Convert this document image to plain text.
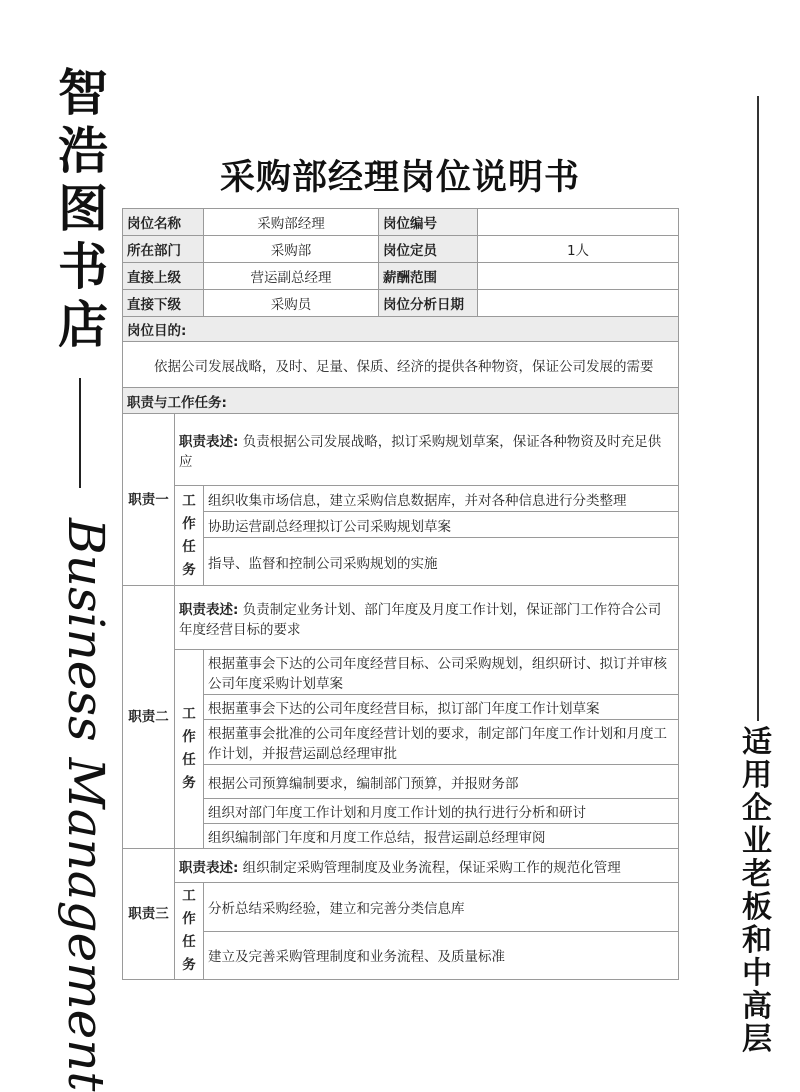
智
浩
图
书
店
Business Management	适
用
企
业
老
板
和
中
高
层
采购部经理岗位说明书
岗位名称		采购部经理	岗位编号	
所在部门		采购部	岗位定员	1人
直接上级		营运副总经理	薪酬范围	
直接下级		采购员	岗位分析日期	
岗位目的:				
依据公司发展战略，及时、足量、保质、经济的提供各种物资，保证公司发展的需要				
职责与工作任务:				
职责一	职责表述: 负责根据公司发展战略，拟订采购规划草案，保证各种物资及时充足供应			
	工作任务	组织收集市场信息，建立采购信息数据库，并对各种信息进行分类整理		
		协助运营副总经理拟订公司采购规划草案		
		指导、监督和控制公司采购规划的实施		
职责二	职责表述: 负责制定业务计划、部门年度及月度工作计划，保证部门工作符合公司年度经营目标的要求			
	工作任务	根据董事会下达的公司年度经营目标、公司采购规划，组织研讨、拟订并审核公司年度采购计划草案		
		根据董事会下达的公司年度经营目标，拟订部门年度工作计划草案		
		根据董事会批准的公司年度经营计划的要求，制定部门年度工作计划和月度工作计划，并报营运副总经理审批		
		根据公司预算编制要求，编制部门预算，并报财务部		
		组织对部门年度工作计划和月度工作计划的执行进行分析和研讨		
		组织编制部门年度和月度工作总结，报营运副总经理审阅		
职责三	职责表述: 组织制定采购管理制度及业务流程，保证采购工作的规范化管理			
	工作任务	分析总结采购经验，建立和完善分类信息库		
		建立及完善采购管理制度和业务流程、及质量标准		
